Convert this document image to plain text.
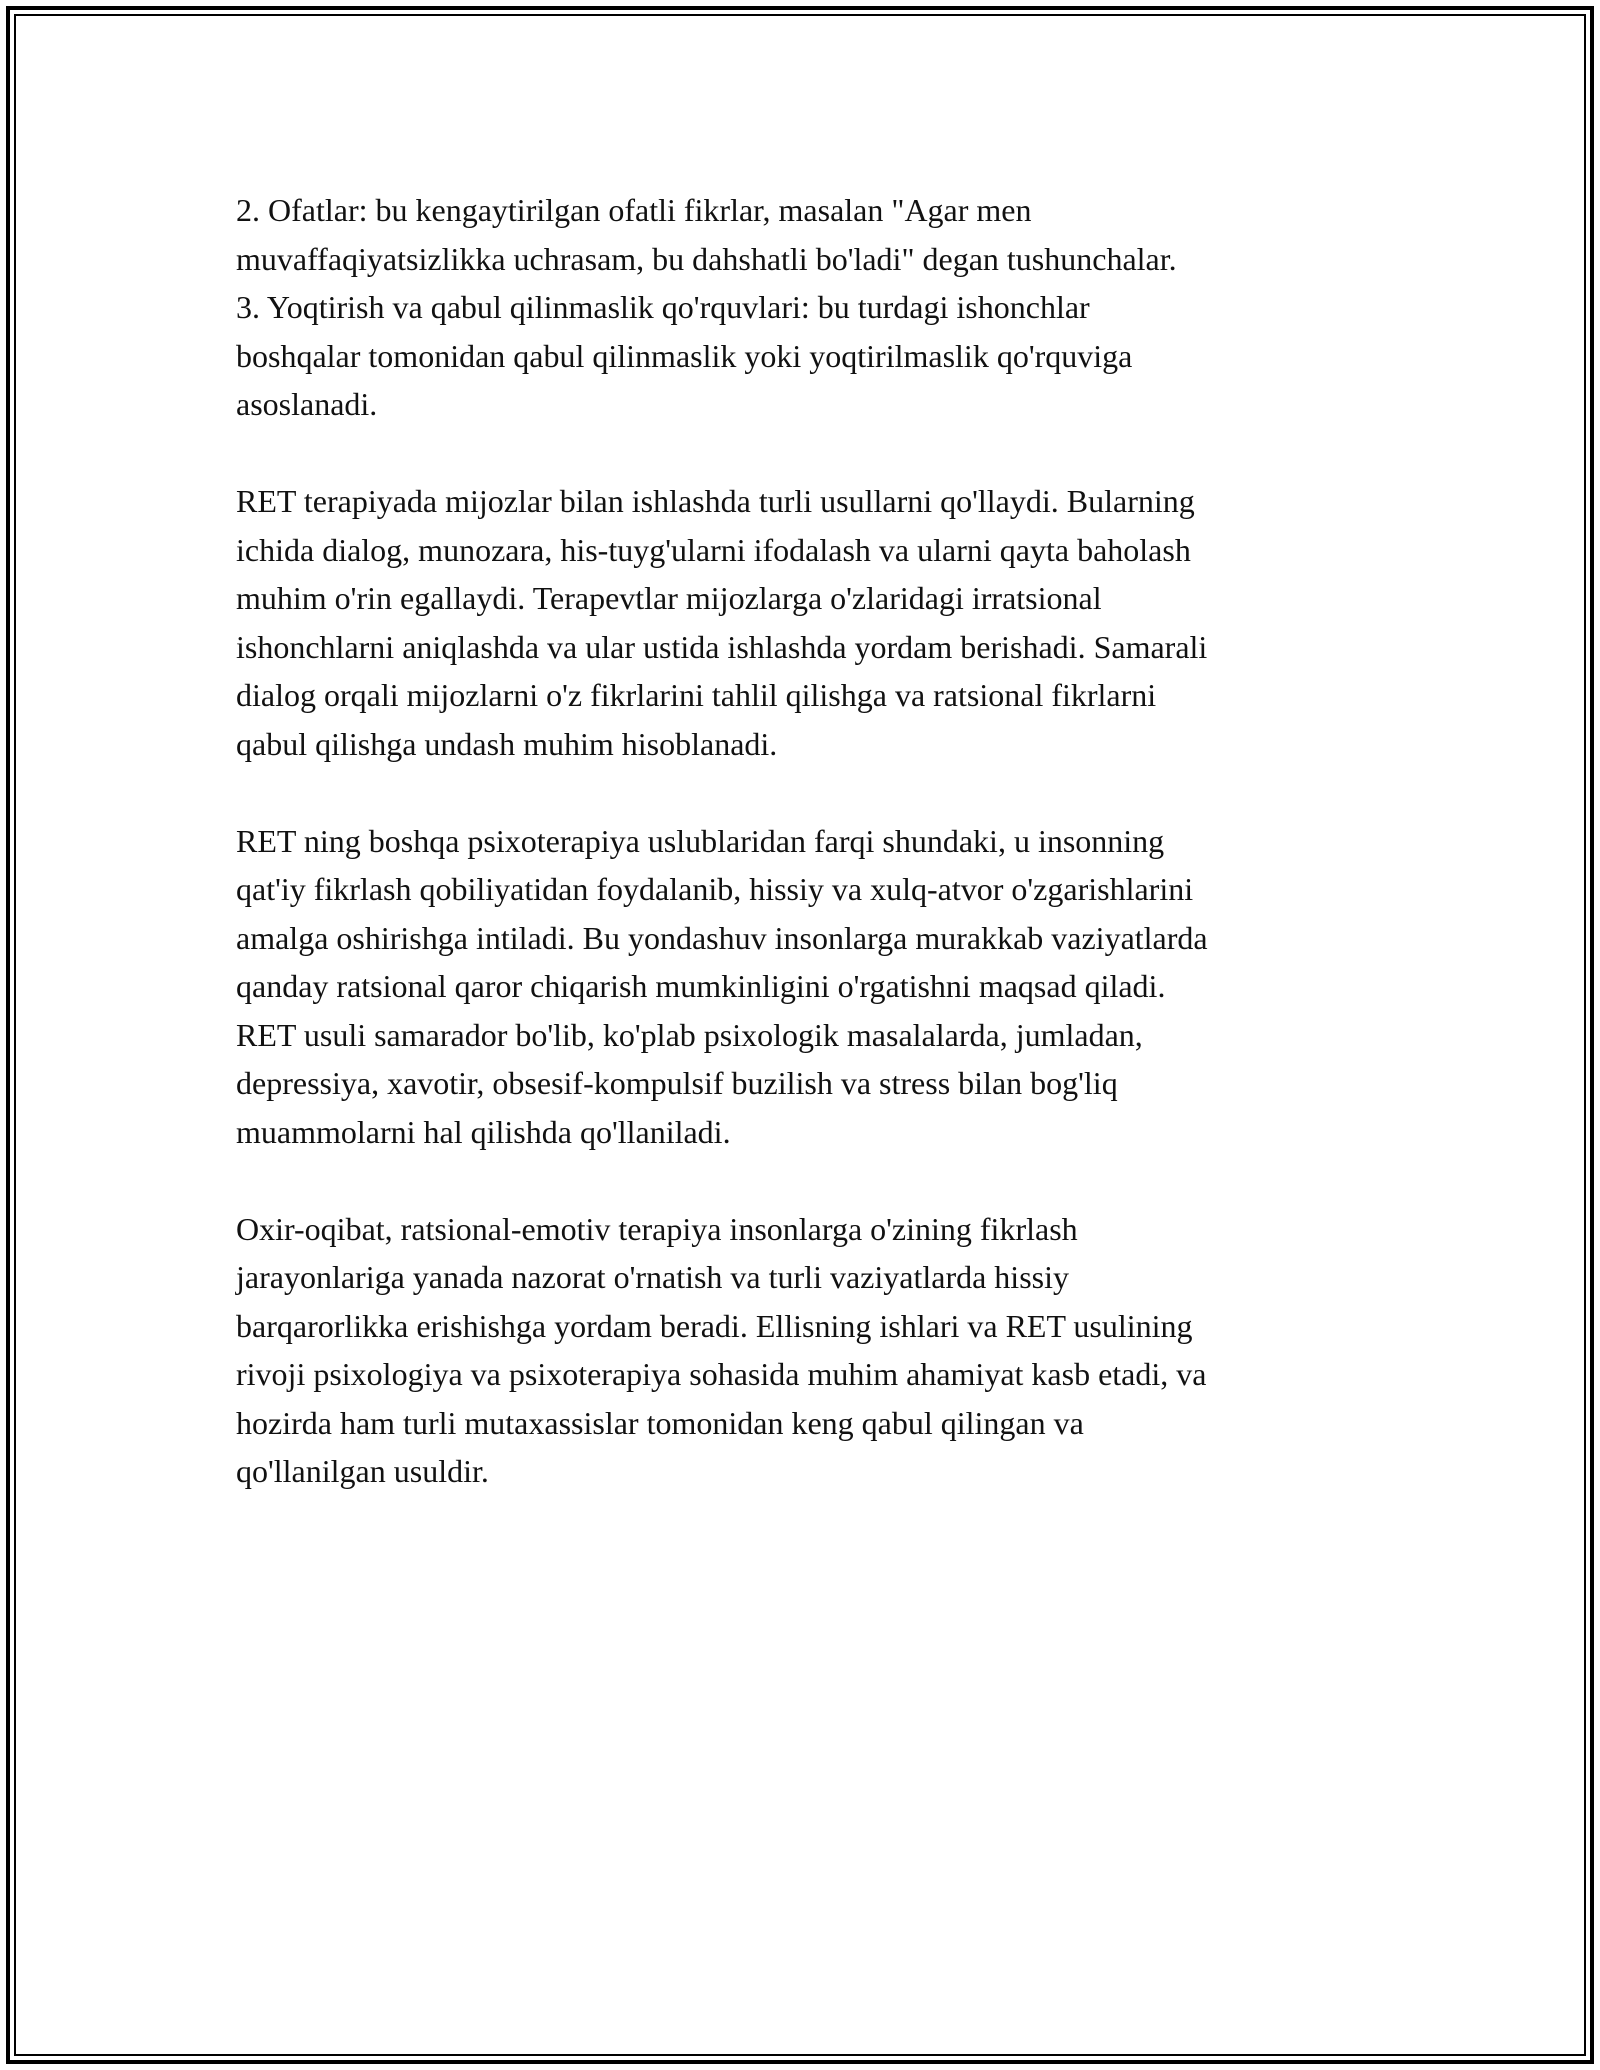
2. Ofatlar: bu kengaytirilgan ofatli fikrlar, masalan "Agar men

muvaffaqiyatsizlikka uchrasam, bu dahshatli bo'ladi" degan tushunchalar.

3. Yoqtirish va qabul qilinmaslik qo'rquvlari: bu turdagi ishonchlar

boshqalar tomonidan qabul qilinmaslik yoki yoqtirilmaslik qo'rquviga

asoslanadi.

RET terapiyada mijozlar bilan ishlashda turli usullarni qo'llaydi. Bularning

ichida dialog, munozara, his-tuyg'ularni ifodalash va ularni qayta baholash

muhim o'rin egallaydi. Terapevtlar mijozlarga o'zlaridagi irratsional

ishonchlarni aniqlashda va ular ustida ishlashda yordam berishadi. Samarali

dialog orqali mijozlarni o'z fikrlarini tahlil qilishga va ratsional fikrlarni

qabul qilishga undash muhim hisoblanadi.

RET ning boshqa psixoterapiya uslublaridan farqi shundaki, u insonning

qat'iy fikrlash qobiliyatidan foydalanib, hissiy va xulq-atvor o'zgarishlarini

amalga oshirishga intiladi. Bu yondashuv insonlarga murakkab vaziyatlarda

qanday ratsional qaror chiqarish mumkinligini o'rgatishni maqsad qiladi.

RET usuli samarador bo'lib, ko'plab psixologik masalalarda, jumladan,

depressiya, xavotir, obsesif-kompulsif buzilish va stress bilan bog'liq

muammolarni hal qilishda qo'llaniladi.

Oxir-oqibat, ratsional-emotiv terapiya insonlarga o'zining fikrlash

jarayonlariga yanada nazorat o'rnatish va turli vaziyatlarda hissiy

barqarorlikka erishishga yordam beradi. Ellisning ishlari va RET usulining

rivoji psixologiya va psixoterapiya sohasida muhim ahamiyat kasb etadi, va

hozirda ham turli mutaxassislar tomonidan keng qabul qilingan va

qo'llanilgan usuldir.
